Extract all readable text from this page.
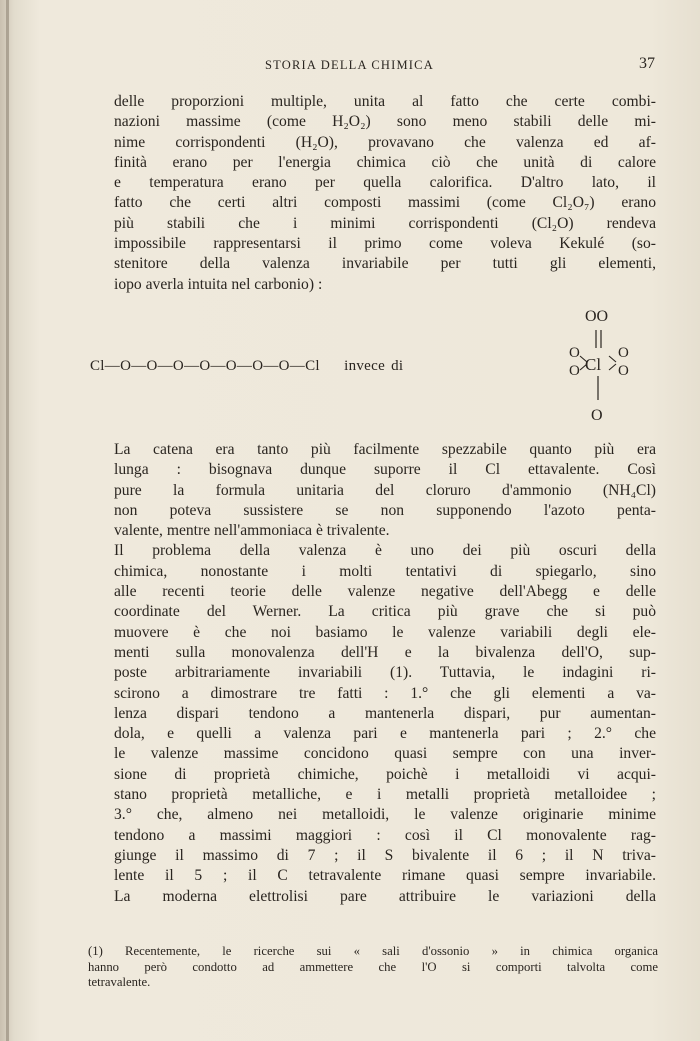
STORIA DELLA CHIMICA	37
delle proporzioni multiple, unita al fatto che certe combi-
nazioni massime (come H₂O₂) sono meno stabili delle mi-
nime corrispondenti (H₂O), provavano che valenza ed af-
finità erano per l'energia chimica ciò che unità di calore
e temperatura erano per quella calorifica. D'altro lato, il
fatto che certi altri composti massimi (come Cl₂O₇) erano
più stabili che i minimi corrispondenti (Cl₂O) rendeva
impossibile rappresentarsi il primo come voleva Kekulé (so-
stenitore della valenza invariabile per tutti gli elementi,
iopo averla intuita nel carbonio) :
Cl—O—O—O—O—O—O—O—Cl invece di
OO
O
O Cl
O
O
O
La catena era tanto più facilmente spezzabile quanto più era
lunga : bisognava dunque suporre il Cl ettavalente. Così
pure la formula unitaria del cloruro d'ammonio (NH₄Cl)
non poteva sussistere se non supponendo l'azoto penta-
valente, mentre nell'ammoniaca è trivalente.
Il problema della valenza è uno dei più oscuri della
chimica, nonostante i molti tentativi di spiegarlo, sino
alle recenti teorie delle valenze negative dell'Abegg e delle
coordinate del Werner. La critica più grave che si può
muovere è che noi basiamo le valenze variabili degli ele-
menti sulla monovalenza dell'H e la bivalenza dell'O, sup-
poste arbitrariamente invariabili (1). Tuttavia, le indagini ri-
scirono a dimostrare tre fatti : 1.° che gli elementi a va-
lenza dispari tendono a mantenerla dispari, pur aumentan-
dola, e quelli a valenza pari e mantenerla pari ; 2.° che
le valenze massime concidono quasi sempre con una inver-
sione di proprietà chimiche, poichè i metalloidi vi acqui-
stano proprietà metalliche, e i metalli proprietà metalloidee ;
3.° che, almeno nei metalloidi, le valenze originarie minime
tendono a massimi maggiori : così il Cl monovalente rag-
giunge il massimo di 7 ; il S bivalente il 6 ; il N triva-
lente il 5 ; il C tetravalente rimane quasi sempre invariabile.
La moderna elettrolisi pare attribuire le variazioni della
(1) Recentemente, le ricerche sui « sali d'ossonio » in chimica organica
hanno però condotto ad ammettere che l'O si comporti talvolta come
tetravalente.
